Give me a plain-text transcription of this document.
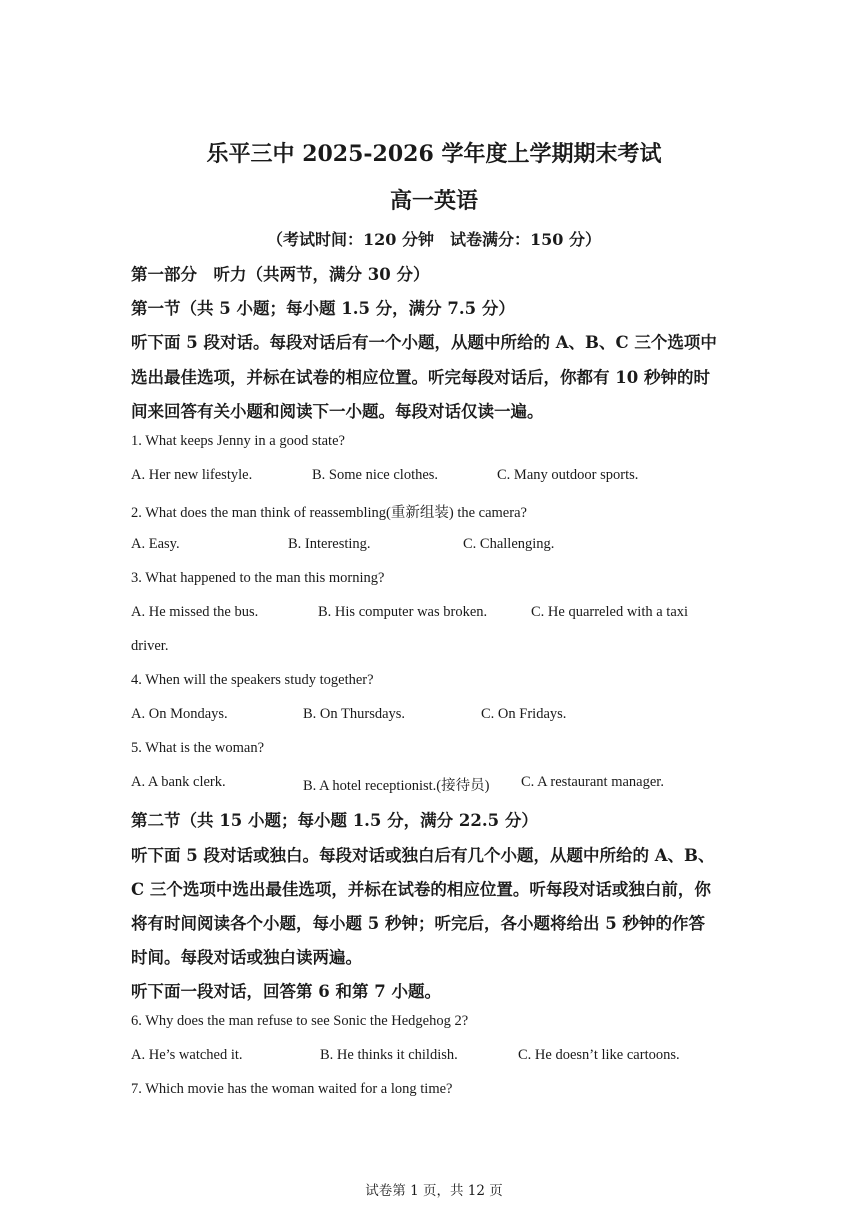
乐平三中 2025-2026 学年度上学期期末考试
高一英语
（考试时间：120 分钟　试卷满分：150 分）
第一部分　听力（共两节，满分 30 分）
第一节（共 5 小题；每小题 1.5 分，满分 7.5 分）
听下面 5 段对话。每段对话后有一个小题，从题中所给的 A、B、C 三个选项中
选出最佳选项，并标在试卷的相应位置。听完每段对话后，你都有 10 秒钟的时
间来回答有关小题和阅读下一小题。每段对话仅读一遍。
1. What keeps Jenny in a good state?
A. Her new lifestyle.	B. Some nice clothes.	C. Many outdoor sports.
2. What does the man think of reassembling(重新组装) the camera?
A. Easy.	B. Interesting.	C. Challenging.
3. What happened to the man this morning?
A. He missed the bus.	B. His computer was broken.	C. He quarreled with a taxi
driver.
4. When will the speakers study together?
A. On Mondays.	B. On Thursdays.	C. On Fridays.
5. What is the woman?
A. A bank clerk.	B. A hotel receptionist.(接待员) C. A restaurant manager.
第二节（共 15 小题；每小题 1.5 分，满分 22.5 分）
听下面 5 段对话或独白。每段对话或独白后有几个小题，从题中所给的 A、B、
C 三个选项中选出最佳选项，并标在试卷的相应位置。听每段对话或独白前，你
将有时间阅读各个小题，每小题 5 秒钟；听完后，各小题将给出 5 秒钟的作答
时间。每段对话或独白读两遍。
听下面一段对话，回答第 6 和第 7 小题。
6. Why does the man refuse to see Sonic the Hedgehog 2?
A. He’s watched it.	B. He thinks it childish.	C. He doesn’t like cartoons.
7. Which movie has the woman waited for a long time?
试卷第 1 页，共 12 页
